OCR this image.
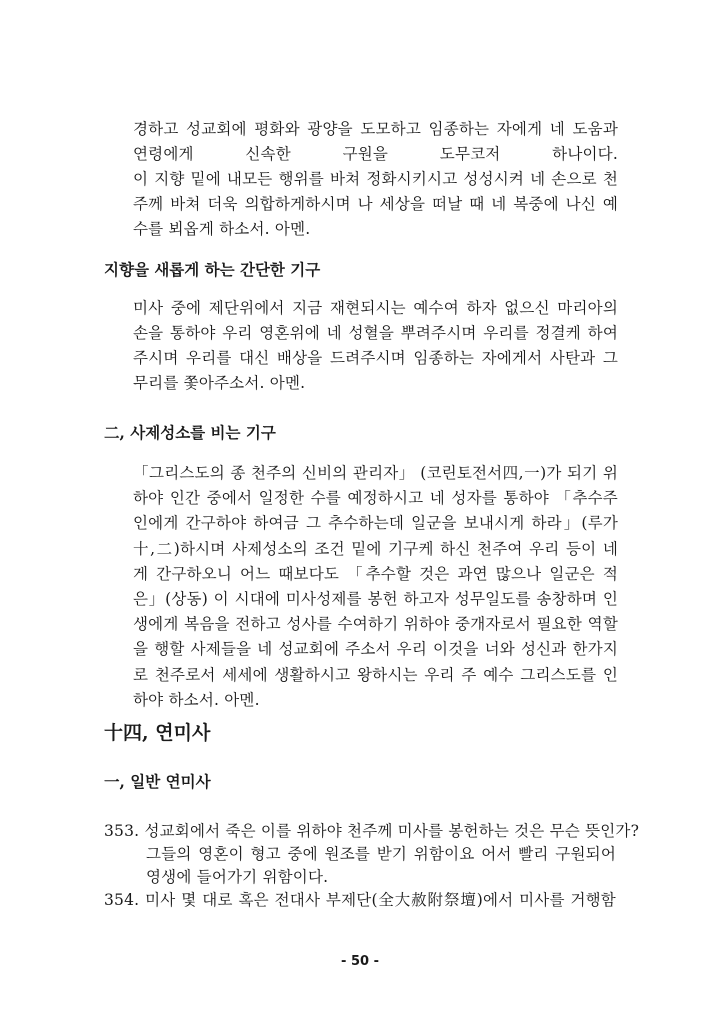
경하고 성교회에 평화와 광양을 도모하고 임종하는 자에게 네 도움과
연령에게 신속한 구원을 도무코저 하나이다.
이 지향 밑에 내모든 행위를 바쳐 정화시키시고 성성시켜 네 손으로 천
주께 바쳐 더욱 의합하게하시며 나 세상을 떠날 때 네 복중에 나신 예
수를 뵈옵게 하소서. 아멘.
지향을 새롭게 하는 간단한 기구
미사 중에 제단위에서 지금 재현되시는 예수여 하자 없으신 마리아의
손을 통하야 우리 영혼위에 네 성혈을 뿌려주시며 우리를 정결케 하여
주시며 우리를 대신 배상을 드려주시며 임종하는 자에게서 사탄과 그
무리를 쫓아주소서. 아멘.
二, 사제성소를 비는 기구
「그리스도의 종 천주의 신비의 관리자」 (코린토전서四,一)가 되기 위
하야 인간 중에서 일정한 수를 예정하시고 네 성자를 통하야 「추수주
인에게 간구하야 하여금 그 추수하는데 일군을 보내시게 하라」(루가
十,二)하시며 사제성소의 조건 밑에 기구케 하신 천주여 우리 등이 네
게 간구하오니 어느 때보다도 「추수할 것은 과연 많으나 일군은 적
은」(상동) 이 시대에 미사성제를 봉헌 하고자 성무일도를 송창하며 인
생에게 복음을 전하고 성사를 수여하기 위하야 중개자로서 필요한 역할
을 행할 사제들을 네 성교회에 주소서 우리 이것을 너와 성신과 한가지
로 천주로서 세세에 생활하시고 왕하시는 우리 주 예수 그리스도를 인
하야 하소서. 아멘.
十四, 연미사
一, 일반 연미사
353. 성교회에서 죽은 이를 위하야 천주께 미사를 봉헌하는 것은 무슨 뜻인가?
그들의 영혼이 형고 중에 원조를 받기 위함이요 어서 빨리 구원되어
영생에 들어가기 위함이다.
354. 미사 몇 대로 혹은 전대사 부제단(全大赦附祭壇)에서 미사를 거행함
- 50 -
